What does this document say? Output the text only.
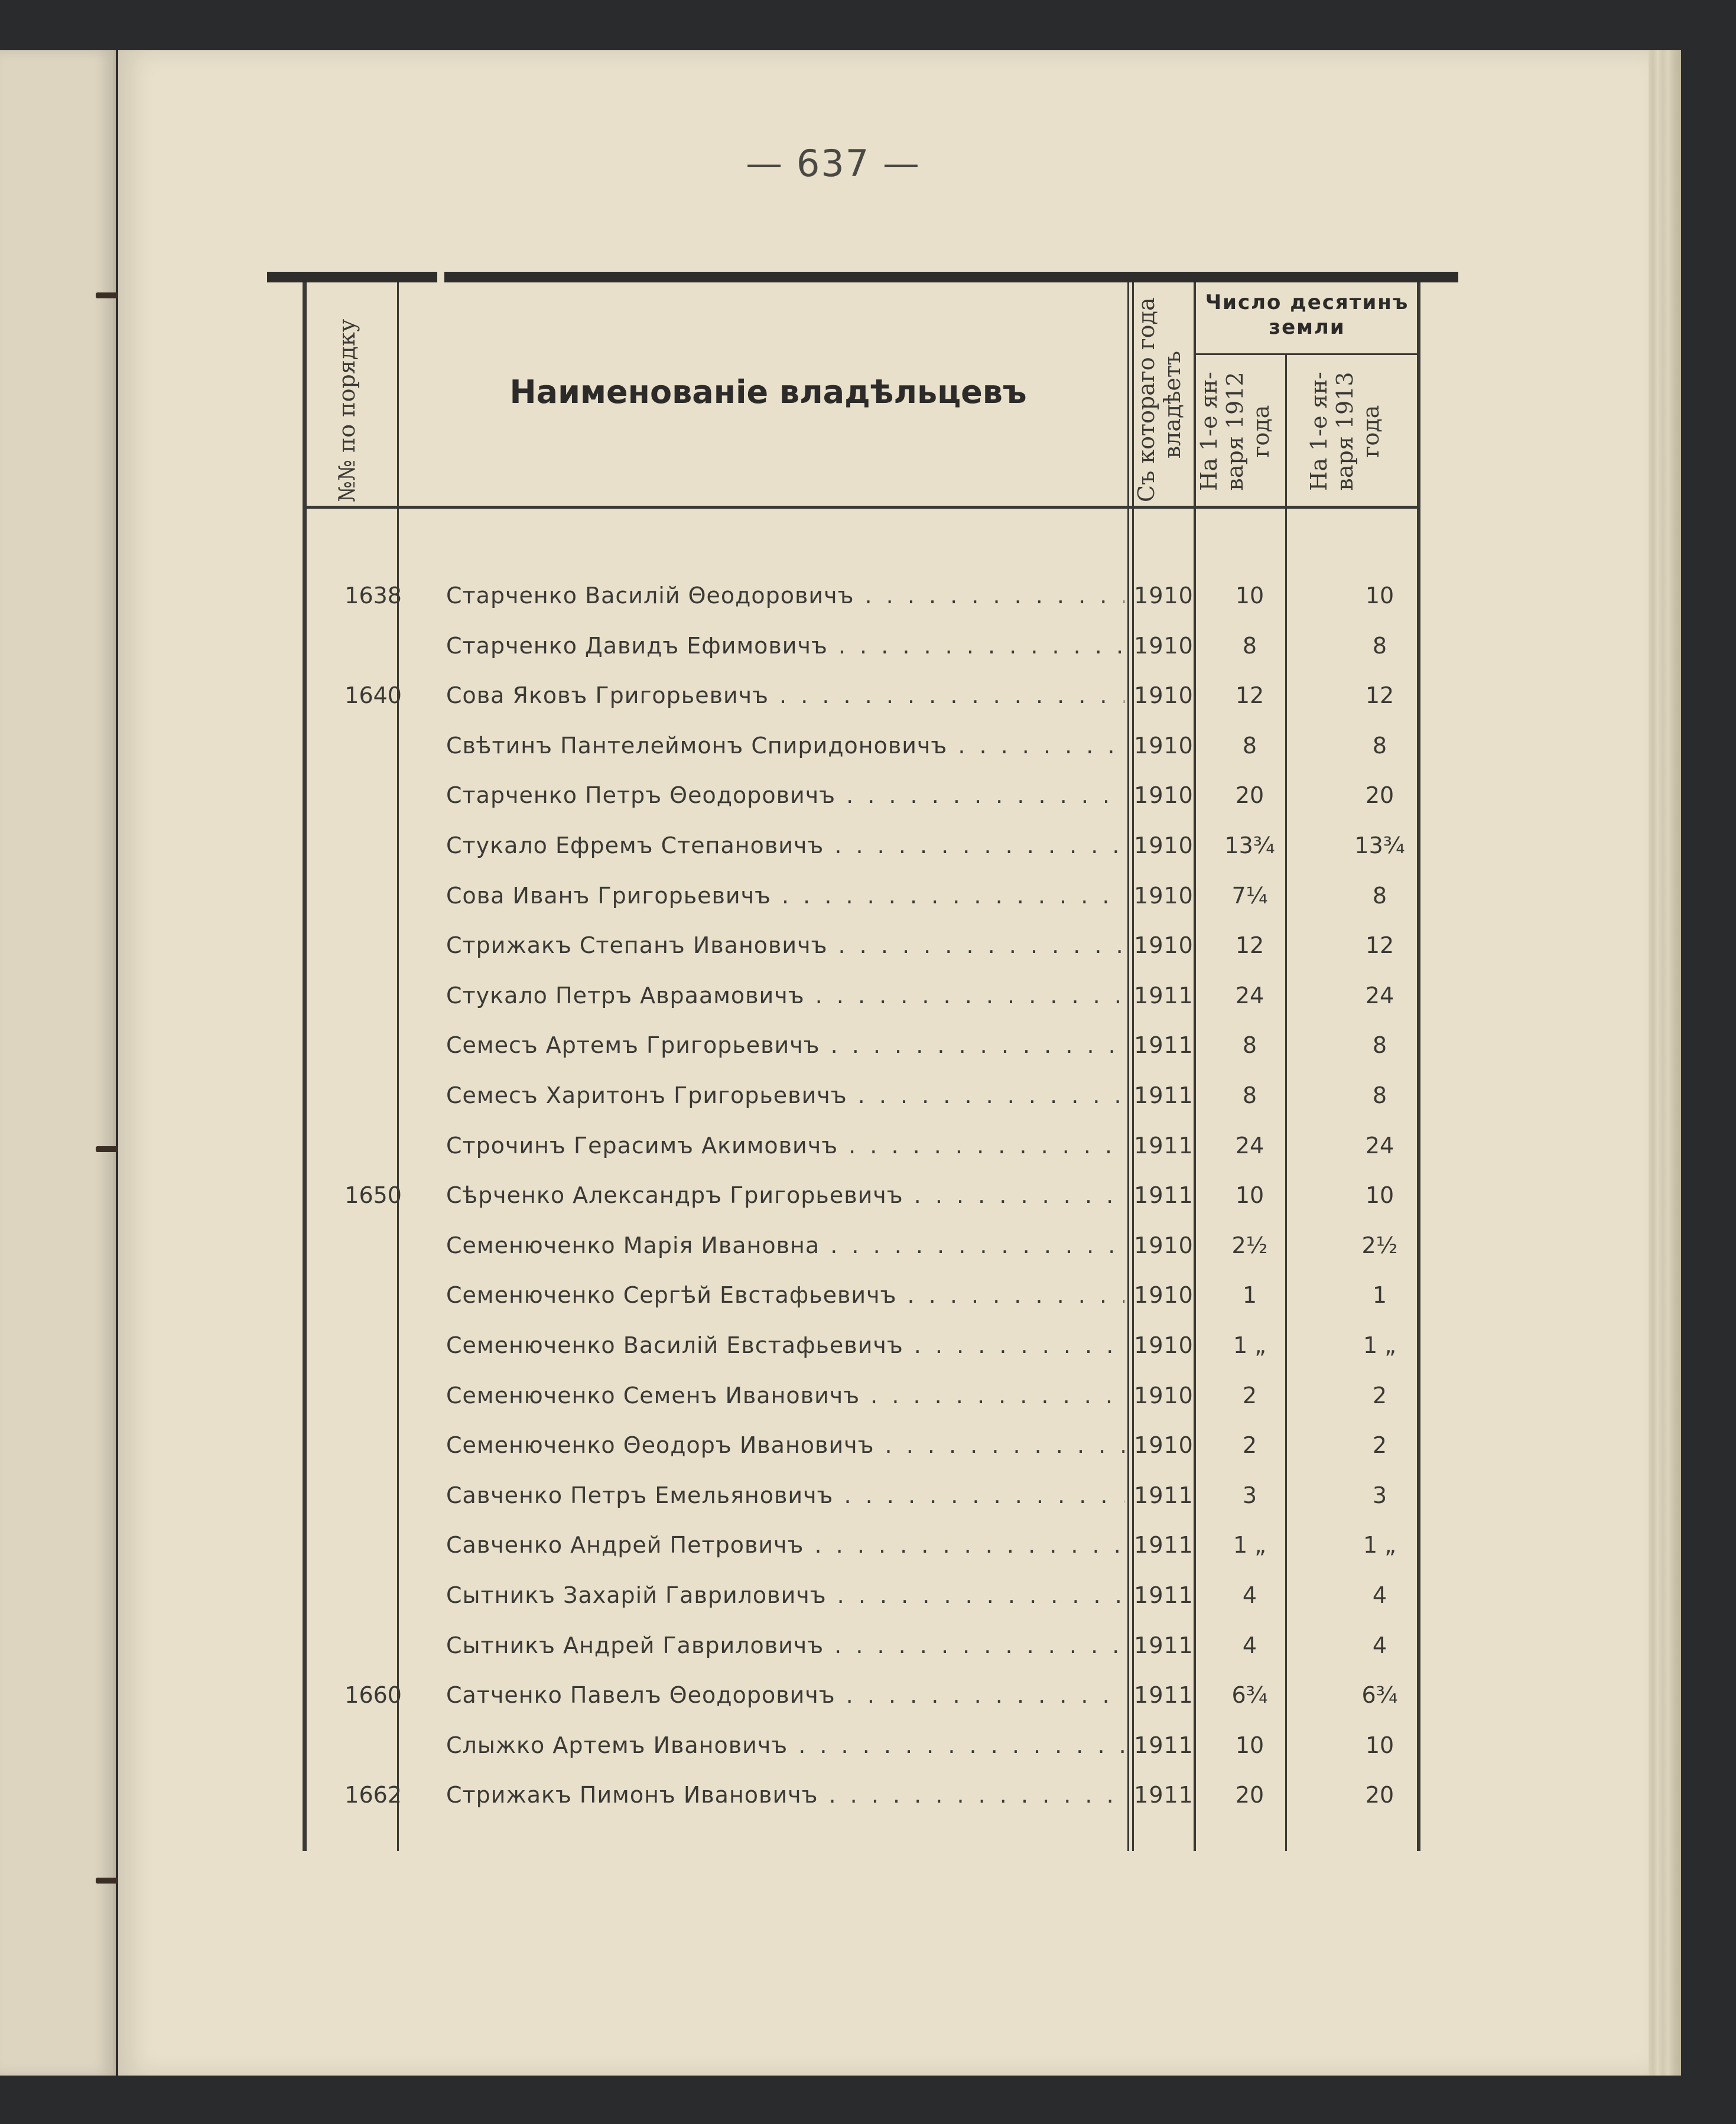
— 637 —
№№ по порядку	Наименованіе владѣльцевъ	Съ котораго года владѣетъ
Число десятинъ
земли
На 1-е ян- варя 1912 года На 1-е ян- варя 1913 года
1638 Старченко Василій Θеодоровичъ . . .	1910	10	10
Старченко Давидъ Ефимовичъ . . .	1910	8	8
1640 Сова Яковъ Григорьевичъ . . .	1910	12	12
Свѣтинъ Пантелеймонъ Спиридоновичъ . . .	1910	8	8
Старченко Петръ Θеодоровичъ . . .	1910	20	20
Стукало Ефремъ Степановичъ . . .	1910	13¾	13¾
Сова Иванъ Григорьевичъ . . .	1910	7¼	8
Стрижакъ Степанъ Ивановичъ . . .	1910	12	12
Стукало Петръ Авраамовичъ . . .	1911	24	24
Семесъ Артемъ Григорьевичъ . . .	1911	8	8
Семесъ Харитонъ Григорьевичъ . . .	1911	8	8
Строчинъ Герасимъ Акимовичъ . . .	1911	24	24
1650 Сѣрченко Александръ Григорьевичъ . . .	1911	10	10
Семенюченко Марія Ивановна . . .	1910	2½	2½
Семенюченко Сергѣй Евстафьевичъ . . .	1910	1	1
Семенюченко Василій Евстафьевичъ . . .	1910	1 „	1 „
Семенюченко Семенъ Ивановичъ . . .	1910	2	2
Семенюченко Θеодоръ Ивановичъ . . .	1910	2	2
Савченко Петръ Емельяновичъ . . .	1911	3	3
Савченко Андрей Петровичъ . . .	1911	1 „	1 „
Сытникъ Захарій Гавриловичъ . . .	1911	4	4
Сытникъ Андрей Гавриловичъ . . .	1911	4	4
1660 Сатченко Павелъ Θеодоровичъ . . .	1911	6¾	6¾
Слыжко Артемъ Ивановичъ . . .	1911	10	10
1662 Стрижакъ Пимонъ Ивановичъ . . .	1911	20	20
